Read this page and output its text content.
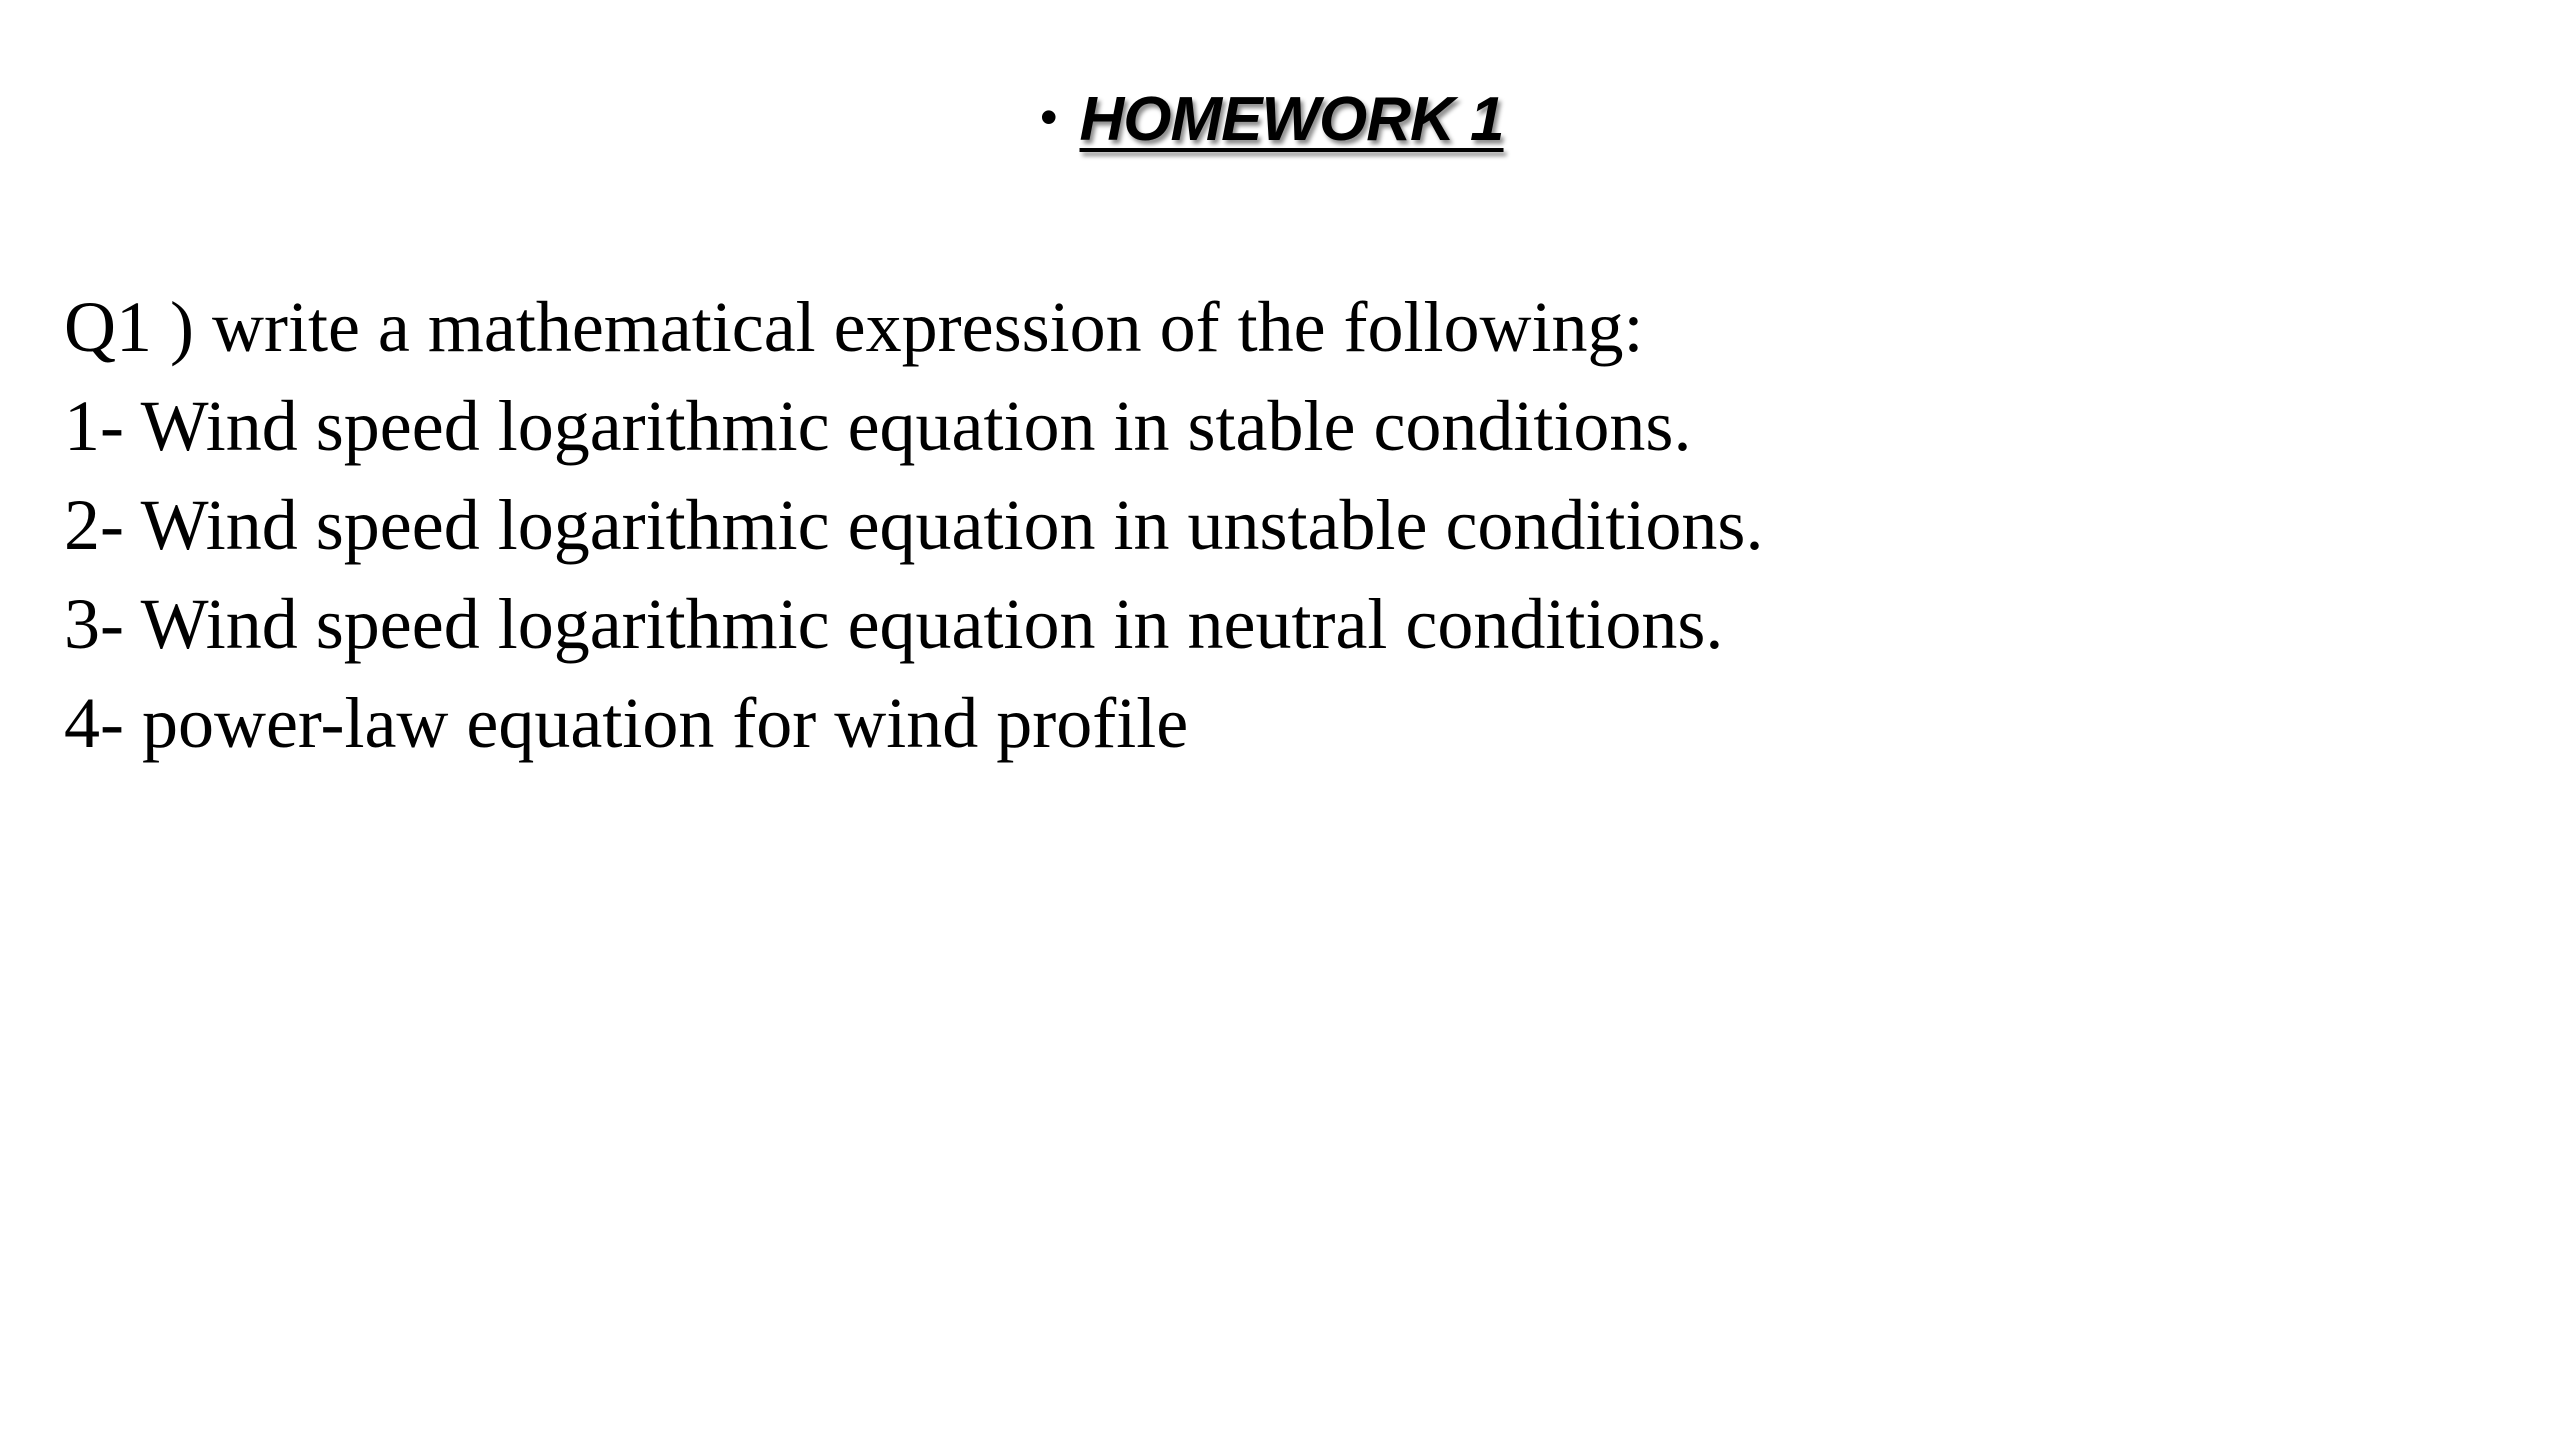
• HOMEWORK 1
Q1 ) write a mathematical expression of the following:
1- Wind speed logarithmic equation in stable conditions.
2- Wind speed logarithmic equation in unstable conditions.
3- Wind speed logarithmic equation in neutral conditions.
4- power-law equation for wind profile
